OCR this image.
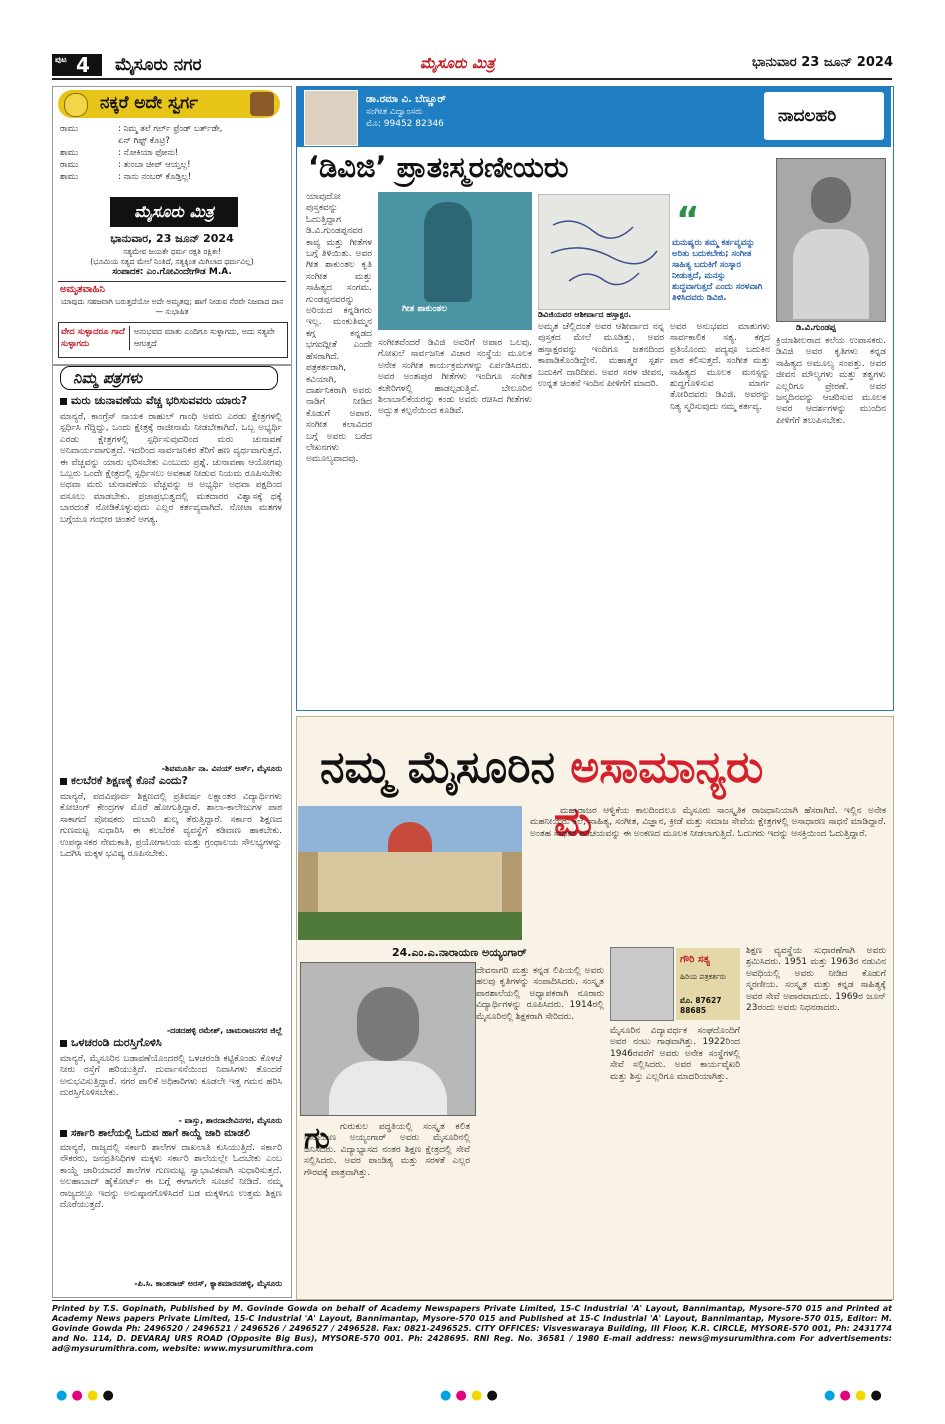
ಪುಟ 4 ಮೈಸೂರು ನಗರ	ಮೈಸೂರು ಮಿತ್ರ	ಭಾನುವಾರ 23 ಜೂನ್ 2024
ನಕ್ಕರೆ ಅದೇ ಸ್ವರ್ಗ
ರಾಮು	: ನಿಮ್ಮ ತಲೆ ಗರ್ಲ್ ಫ್ರೆಂಡ್ ಬರ್ತ್‌ಡೇ,
ಏನ್ ಗಿಫ್ಟ್ ಕೊಟ್ರಿ?
ಶಾಮು	: ನೋಕಿಯಾ ಫೋನು!
ರಾಮು	: ತುಂಬಾ ಚೀಪ್ ಆಯ್ತಲ್ಲ!
ಶಾಮು	: ನಾನು ನಂಬರ್ ಕೊಡ್ತಿಲ್ಲ!
ಮೈಸೂರು ಮಿತ್ರ
ಭಾನುವಾರ, 23 ಜೂನ್ 2024
ಸತ್ಯಮೇವ ಜಯತೇ ಧರ್ಮ ರಕ್ಷತಿ ರಕ್ಷಿತಃ!
(ಭೂಮಿಯ ಸತ್ಯದ ಮೇಲೆ ನಿಂತಿದೆ, ಸತ್ಯಕ್ಕಿಂತ ಮಿಗಿಲಾದ ಧರ್ಮವಿಲ್ಲ)
ಸಂಪಾದಕ: ಎಂ.ಗೋವಿಂದೇಗೌಡ M.A.
ಅಮೃತವಾಹಿನಿ
ಯಾವುದು ಸಹಜವಾಗಿ ಬರುತ್ತದೆಯೋ ಅದೇ ಅಮೃತವು; ಹಾಗೆ ನೀಡುವ ನೆರವೇ ನಿಜವಾದ ದಾನ — ಸುಭಾಷಿತ
ವೇದ ಸುಳ್ಳಾದರೂ ಗಾದೆ ಸುಳ್ಳಾಗದು
ಅನುಭವದ ಮಾತು ಎಂದಿಗೂ ಸುಳ್ಳಾಗದು, ಅದು ಸತ್ಯವೇ ಆಗುತ್ತದೆ
ನಿಮ್ಮ ಪತ್ರಗಳು
ಮರು ಚುನಾವಣೆಯ ವೆಚ್ಚ ಭರಿಸುವವರು ಯಾರು?
ಮಾನ್ಯರೆ, ಕಾಂಗ್ರೆಸ್ ನಾಯಕ ರಾಹುಲ್ ಗಾಂಧಿ ಅವರು ಎರಡು ಕ್ಷೇತ್ರಗಳಲ್ಲಿ ಸ್ಪರ್ಧಿಸಿ ಗೆದ್ದಿದ್ದು, ಒಂದು ಕ್ಷೇತ್ರಕ್ಕೆ ರಾಜೀನಾಮೆ ನೀಡಬೇಕಾಗಿದೆ. ಒಬ್ಬ ಅಭ್ಯರ್ಥಿ ಎರಡು ಕ್ಷೇತ್ರಗಳಲ್ಲಿ ಸ್ಪರ್ಧಿಸುವುದರಿಂದ ಮರು ಚುನಾವಣೆ ಅನಿವಾರ್ಯವಾಗುತ್ತದೆ. ಇದರಿಂದ ಸಾರ್ವಜನಿಕರ ತೆರಿಗೆ ಹಣ ವ್ಯರ್ಥವಾಗುತ್ತದೆ. ಈ ವೆಚ್ಚವನ್ನು ಯಾರು ಭರಿಸಬೇಕು ಎಂಬುದು ಪ್ರಶ್ನೆ. ಚುನಾವಣಾ ಆಯೋಗವು ಒಬ್ಬರು ಒಂದೇ ಕ್ಷೇತ್ರದಲ್ಲಿ ಸ್ಪರ್ಧಿಸಲು ಅವಕಾಶ ನೀಡುವ ನಿಯಮ ರೂಪಿಸಬೇಕು ಅಥವಾ ಮರು ಚುನಾವಣೆಯ ವೆಚ್ಚವನ್ನು ಆ ಅಭ್ಯರ್ಥಿ ಅಥವಾ ಪಕ್ಷದಿಂದ ವಸೂಲು ಮಾಡಬೇಕು. ಪ್ರಜಾಪ್ರಭುತ್ವದಲ್ಲಿ ಮತದಾರರ ವಿಶ್ವಾಸಕ್ಕೆ ಧಕ್ಕೆ ಬಾರದಂತೆ ನೋಡಿಕೊಳ್ಳುವುದು ಎಲ್ಲರ ಕರ್ತವ್ಯವಾಗಿದೆ. ನೋಟಾ ಮತಗಳ ಬಗ್ಗೆಯೂ ಗಂಭೀರ ಚಿಂತನೆ ಅಗತ್ಯ.
-ಶಿವಮೂರ್ತಿ ನಾ. ವಿನಯ್ ಅರ್ಸ್, ಮೈಸೂರು
ಕಲಬೆರಕೆ ಶಿಕ್ಷಣಕ್ಕೆ ಕೊನೆ ಎಂದು?
ಮಾನ್ಯರೆ, ಪದವಿಪೂರ್ವ ಶಿಕ್ಷಣದಲ್ಲಿ ಪ್ರತಿವರ್ಷ ಲಕ್ಷಾಂತರ ವಿದ್ಯಾರ್ಥಿಗಳು ಕೋಚಿಂಗ್ ಕೇಂದ್ರಗಳ ಮೊರೆ ಹೋಗುತ್ತಿದ್ದಾರೆ. ಶಾಲಾ-ಕಾಲೇಜುಗಳ ಪಾಠ ಸಾಕಾಗದೆ ಪೋಷಕರು ದುಬಾರಿ ಶುಲ್ಕ ತೆರುತ್ತಿದ್ದಾರೆ. ಸರ್ಕಾರ ಶಿಕ್ಷಣದ ಗುಣಮಟ್ಟ ಸುಧಾರಿಸಿ ಈ ಕಲಬೆರಕೆ ವ್ಯವಸ್ಥೆಗೆ ಕಡಿವಾಣ ಹಾಕಬೇಕು. ಉಪನ್ಯಾಸಕರ ನೇಮಕಾತಿ, ಪ್ರಯೋಗಾಲಯ ಮತ್ತು ಗ್ರಂಥಾಲಯ ಸೌಲಭ್ಯಗಳನ್ನು ಒದಗಿಸಿ ಮಕ್ಕಳ ಭವಿಷ್ಯ ರೂಪಿಸಬೇಕು.
-ದಡದಹಳ್ಳಿ ರಮೇಶ್, ಚಾಮರಾಜನಗರ ಜಿಲ್ಲೆ
ಒಳಚರಂಡಿ ದುರಸ್ತಿಗೊಳಿಸಿ
ಮಾನ್ಯರೆ, ಮೈಸೂರಿನ ಬಡಾವಣೆಯೊಂದರಲ್ಲಿ ಒಳಚರಂಡಿ ಕಟ್ಟಿಕೊಂಡು ಕೊಳಚೆ ನೀರು ರಸ್ತೆಗೆ ಹರಿಯುತ್ತಿದೆ. ದುರ್ವಾಸನೆಯಿಂದ ನಿವಾಸಿಗಳು ತೊಂದರೆ ಅನುಭವಿಸುತ್ತಿದ್ದಾರೆ. ನಗರ ಪಾಲಿಕೆ ಅಧಿಕಾರಿಗಳು ಕೂಡಲೇ ಇತ್ತ ಗಮನ ಹರಿಸಿ ದುರಸ್ತಿಗೊಳಿಸಬೇಕು.
- ವಾಸ್ತು, ಶಾರದಾದೇವಿನಗರ, ಮೈಸೂರು
ಸರ್ಕಾರಿ ಶಾಲೆಯಲ್ಲಿ ಓದುವ ಹಾಗೆ ಕಾಯ್ದೆ ಜಾರಿ ಮಾಡಲಿ
ಮಾನ್ಯರೆ, ರಾಜ್ಯದಲ್ಲಿ ಸರ್ಕಾರಿ ಶಾಲೆಗಳ ದಾಖಲಾತಿ ಕುಸಿಯುತ್ತಿದೆ. ಸರ್ಕಾರಿ ನೌಕರರು, ಜನಪ್ರತಿನಿಧಿಗಳ ಮಕ್ಕಳು ಸರ್ಕಾರಿ ಶಾಲೆಯಲ್ಲೇ ಓದಬೇಕು ಎಂಬ ಕಾಯ್ದೆ ಜಾರಿಯಾದರೆ ಶಾಲೆಗಳ ಗುಣಮಟ್ಟ ಸ್ವಾಭಾವಿಕವಾಗಿ ಸುಧಾರಿಸುತ್ತದೆ. ಅಲಹಾಬಾದ್ ಹೈಕೋರ್ಟ್ ಈ ಬಗ್ಗೆ ಈಗಾಗಲೇ ಸೂಚನೆ ನೀಡಿದೆ. ನಮ್ಮ ರಾಜ್ಯದಲ್ಲೂ ಇದನ್ನು ಅನುಷ್ಠಾನಗೊಳಿಸಿದರೆ ಬಡ ಮಕ್ಕಳಿಗೂ ಉತ್ತಮ ಶಿಕ್ಷಣ ದೊರೆಯುತ್ತದೆ.
-ಪಿ.ಸಿ. ಕಾಂತರಾಜ್ ಅರಸ್, ಕ್ಯಾತಮಾರನಹಳ್ಳಿ, ಮೈಸೂರು
ಡಾ.ರಮಾ ವಿ. ಬೆಣ್ಣೂರ್
ಸಂಗೀತ ವಿದ್ವಾಂಸರು
ಮೊ: 99452 82346	ನಾದಲಹರಿ
‘ಡಿವಿಜಿ’ ಪ್ರಾತಃಸ್ಮರಣೀಯರು
ಯಾವುದೋ ಪುಸ್ತಕವನ್ನು ಓದುತ್ತಿದ್ದಾಗ ಡಿ.ವಿ.ಗುಂಡಪ್ಪನವರ ಕಾವ್ಯ ಮತ್ತು ಗೀತೆಗಳ ಬಗ್ಗೆ ತಿಳಿಯಿತು. ಅವರ ಗೀತ ಶಾಕುಂತಲ ಕೃತಿ ಸಂಗೀತ ಮತ್ತು ಸಾಹಿತ್ಯದ ಸಂಗಮ. ಗುಂಡಪ್ಪನವರನ್ನು ಅರಿಯದ ಕನ್ನಡಿಗರು ಇಲ್ಲ. ಮಂಕುತಿಮ್ಮನ ಕಗ್ಗ ಕನ್ನಡದ ಭಗವದ್ಗೀತೆ ಎಂದೇ ಹೆಸರಾಗಿದೆ. ಪತ್ರಕರ್ತರಾಗಿ, ಕವಿಯಾಗಿ, ದಾರ್ಶನಿಕರಾಗಿ ಅವರು ನಾಡಿಗೆ ನೀಡಿದ ಕೊಡುಗೆ ಅಪಾರ. ಸಂಗೀತ ಕಲಾವಿದರ ಬಗ್ಗೆ ಅವರು ಬರೆದ ಲೇಖನಗಳು ಅಮೂಲ್ಯವಾದವು.
ಗೀತ ಶಾಕುಂತಲ
ಡಿವಿಜಿಯವರ ಆಶೀರ್ವಾದ ಹಸ್ತಾಕ್ಷರ.
“
ಮನುಷ್ಯರು ತಮ್ಮ ಕರ್ತವ್ಯವನ್ನು ಅರಿತು ಬದುಕಬೇಕು; ಸಂಗೀತ ಸಾಹಿತ್ಯ ಬದುಕಿಗೆ ಸಂಸ್ಕಾರ ನೀಡುತ್ತದೆ, ಮನಸ್ಸು ಶುದ್ಧವಾಗುತ್ತದೆ ಎಂದು ಸರಳವಾಗಿ ತಿಳಿಸಿದವರು ಡಿವಿಜಿ.
ಡಿ.ವಿ.ಗುಂಡಪ್ಪ
ಸಂಗೀತವೆಂದರೆ ಡಿವಿಜಿ ಅವರಿಗೆ ಅಪಾರ ಒಲವು. ಗೋಖಲೆ ಸಾರ್ವಜನಿಕ ವಿಚಾರ ಸಂಸ್ಥೆಯ ಮೂಲಕ ಅನೇಕ ಸಂಗೀತ ಕಾರ್ಯಕ್ರಮಗಳನ್ನು ಏರ್ಪಡಿಸಿದರು. ಅವರ ಅಂತಃಪುರ ಗೀತೆಗಳು ಇಂದಿಗೂ ಸಂಗೀತ ಕಚೇರಿಗಳಲ್ಲಿ ಹಾಡಲ್ಪಡುತ್ತಿವೆ. ಬೇಲೂರಿನ ಶಿಲಾಬಾಲಿಕೆಯರನ್ನು ಕಂಡು ಅವರು ರಚಿಸಿದ ಗೀತೆಗಳು ಅದ್ಭುತ ಕಲ್ಪನೆಯಿಂದ ಕೂಡಿವೆ.
ಅಮೃತ ಚೆಲ್ಲಿದಂತೆ ಅವರ ಆಶೀರ್ವಾದ ನನ್ನ ಪುಸ್ತಕದ ಮೇಲೆ ಮೂಡಿತ್ತು. ಅವರ ಹಸ್ತಾಕ್ಷರವನ್ನು ಇಂದಿಗೂ ಜತನದಿಂದ ಕಾಪಾಡಿಕೊಂಡಿದ್ದೇನೆ. ಮಹಾತ್ಮರ ಸ್ಪರ್ಶ ಬದುಕಿಗೆ ದಾರಿದೀಪ. ಅವರ ಸರಳ ಜೀವನ, ಉನ್ನತ ಚಿಂತನೆ ಇಂದಿನ ಪೀಳಿಗೆಗೆ ಮಾದರಿ.
ಅವರ ಅನುಭವದ ಮಾತುಗಳು ಸಾರ್ವಕಾಲಿಕ ಸತ್ಯ. ಕಗ್ಗದ ಪ್ರತಿಯೊಂದು ಪದ್ಯವೂ ಬದುಕಿನ ಪಾಠ ಕಲಿಸುತ್ತದೆ. ಸಂಗೀತ ಮತ್ತು ಸಾಹಿತ್ಯದ ಮೂಲಕ ಮನಸ್ಸನ್ನು ಶುದ್ಧಗೊಳಿಸುವ ಮಾರ್ಗ ತೋರಿದವರು ಡಿವಿಜಿ. ಅವರನ್ನು ನಿತ್ಯ ಸ್ಮರಿಸುವುದು ನಮ್ಮ ಕರ್ತವ್ಯ.
ಕ್ರಿಯಾಶೀಲರಾದ ಕಲೆಯ ಉಪಾಸಕರು. ಡಿವಿಜಿ ಅವರ ಕೃತಿಗಳು ಕನ್ನಡ ಸಾಹಿತ್ಯದ ಅಮೂಲ್ಯ ಸಂಪತ್ತು. ಅವರ ಜೀವನ ಮೌಲ್ಯಗಳು ಮತ್ತು ತತ್ವಗಳು ಎಲ್ಲರಿಗೂ ಪ್ರೇರಣೆ. ಅವರ ಜನ್ಮದಿನವನ್ನು ಆಚರಿಸುವ ಮೂಲಕ ಅವರ ಆದರ್ಶಗಳನ್ನು ಮುಂದಿನ ಪೀಳಿಗೆಗೆ ತಲುಪಿಸಬೇಕು.
ನಮ್ಮ ಮೈಸೂರಿನ ಅಸಾಮಾನ್ಯರು
ಮ
ಮಹಾರಾಜರ ಆಳ್ವಿಕೆಯ ಕಾಲದಿಂದಲೂ ಮೈಸೂರು ಸಾಂಸ್ಕೃತಿಕ ರಾಜಧಾನಿಯಾಗಿ ಹೆಸರಾಗಿದೆ. ಇಲ್ಲಿನ ಅನೇಕ ಮಹನೀಯರು ಕಲೆ, ಸಾಹಿತ್ಯ, ಸಂಗೀತ, ವಿಜ್ಞಾನ, ಕ್ರೀಡೆ ಮತ್ತು ಸಮಾಜ ಸೇವೆಯ ಕ್ಷೇತ್ರಗಳಲ್ಲಿ ಅಸಾಧಾರಣ ಸಾಧನೆ ಮಾಡಿದ್ದಾರೆ. ಅಂತಹ ಸಾಧಕರ ಪರಿಚಯವನ್ನು ಈ ಅಂಕಣದ ಮೂಲಕ ನೀಡಲಾಗುತ್ತಿದೆ. ಓದುಗರು ಇದನ್ನು ಆಸಕ್ತಿಯಿಂದ ಓದುತ್ತಿದ್ದಾರೆ.
24.ಎಂ.ಎ.ನಾರಾಯಣ ಅಯ್ಯಂಗಾರ್
ಗೌರಿ ಸತ್ಯ
ಹಿರಿಯ ಪತ್ರಕರ್ತರು
ಮೊ. 87627 88685
ಗು	ಗುರುಕುಲ ಪದ್ಧತಿಯಲ್ಲಿ ಸಂಸ್ಕೃತ ಕಲಿತ ನಾರಾಯಣ ಅಯ್ಯಂಗಾರ್ ಅವರು ಮೈಸೂರಿನಲ್ಲಿ ಜನಿಸಿದರು. ವಿದ್ಯಾಭ್ಯಾಸದ ನಂತರ ಶಿಕ್ಷಣ ಕ್ಷೇತ್ರದಲ್ಲಿ ಸೇವೆ ಸಲ್ಲಿಸಿದರು. ಅವರ ಪಾಂಡಿತ್ಯ ಮತ್ತು ಸರಳತೆ ಎಲ್ಲರ ಗೌರವಕ್ಕೆ ಪಾತ್ರವಾಗಿತ್ತು.
ದೇವನಾಗರಿ ಮತ್ತು ಕನ್ನಡ ಲಿಪಿಯಲ್ಲಿ ಅವರು ಹಲವು ಕೃತಿಗಳನ್ನು ಸಂಪಾದಿಸಿದರು. ಸಂಸ್ಕೃತ ಪಾಠಶಾಲೆಯಲ್ಲಿ ಅಧ್ಯಾಪಕರಾಗಿ ನೂರಾರು ವಿದ್ಯಾರ್ಥಿಗಳನ್ನು ರೂಪಿಸಿದರು. 1914ರಲ್ಲಿ ಮೈಸೂರಿನಲ್ಲಿ ಶಿಕ್ಷಕರಾಗಿ ಸೇರಿದರು.
ಮೈಸೂರಿನ ವಿದ್ಯಾವರ್ಧಕ ಸಂಘದೊಂದಿಗೆ ಅವರ ನಂಟು ಗಾಢವಾಗಿತ್ತು. 1922ರಿಂದ 1946ರವರೆಗೆ ಅವರು ಅನೇಕ ಸಂಸ್ಥೆಗಳಲ್ಲಿ ಸೇವೆ ಸಲ್ಲಿಸಿದರು. ಅವರ ಕಾರ್ಯವೈಖರಿ ಮತ್ತು ಶಿಸ್ತು ಎಲ್ಲರಿಗೂ ಮಾದರಿಯಾಗಿತ್ತು.
ಶಿಕ್ಷಣ ವ್ಯವಸ್ಥೆಯ ಸುಧಾರಣೆಗಾಗಿ ಅವರು ಶ್ರಮಿಸಿದರು. 1951 ಮತ್ತು 1963ರ ನಡುವಿನ ಅವಧಿಯಲ್ಲಿ ಅವರು ನೀಡಿದ ಕೊಡುಗೆ ಸ್ಮರಣೀಯ. ಸಂಸ್ಕೃತ ಮತ್ತು ಕನ್ನಡ ಸಾಹಿತ್ಯಕ್ಕೆ ಅವರ ಸೇವೆ ಅಪಾರವಾದುದು. 1969ರ ಜೂನ್ 23ರಂದು ಅವರು ನಿಧನರಾದರು.
Printed by T.S. Gopinath, Published by M. Govinde Gowda on behalf of Academy Newspapers Private Limited, 15-C Industrial 'A' Layout, Bannimantap, Mysore-570 015 and Printed at Academy News papers Private Limited, 15-C Industrial 'A' Layout, Bannimantap, Mysore-570 015 and Published at 15-C Industrial 'A' Layout, Bannimantap, Mysore-570 015, Editor: M. Govinde Gowda Ph: 2496520 / 2496521 / 2496526 / 2496527 / 2496528. Fax: 0821-2496525. CITY OFFICES: Visveswaraya Building, III Floor, K.R. CIRCLE, MYSORE-570 001, Ph: 2431774 and No. 114, D. DEVARAJ URS ROAD (Opposite Big Bus), MYSORE-570 001. Ph: 2428695. RNI Reg. No. 36581 / 1980 E-mail address: news@mysurumithra.com For advertisements: ad@mysurumithra.com, website: www.mysurumithra.com
● ● ● ●	● ● ● ●	● ● ● ●
